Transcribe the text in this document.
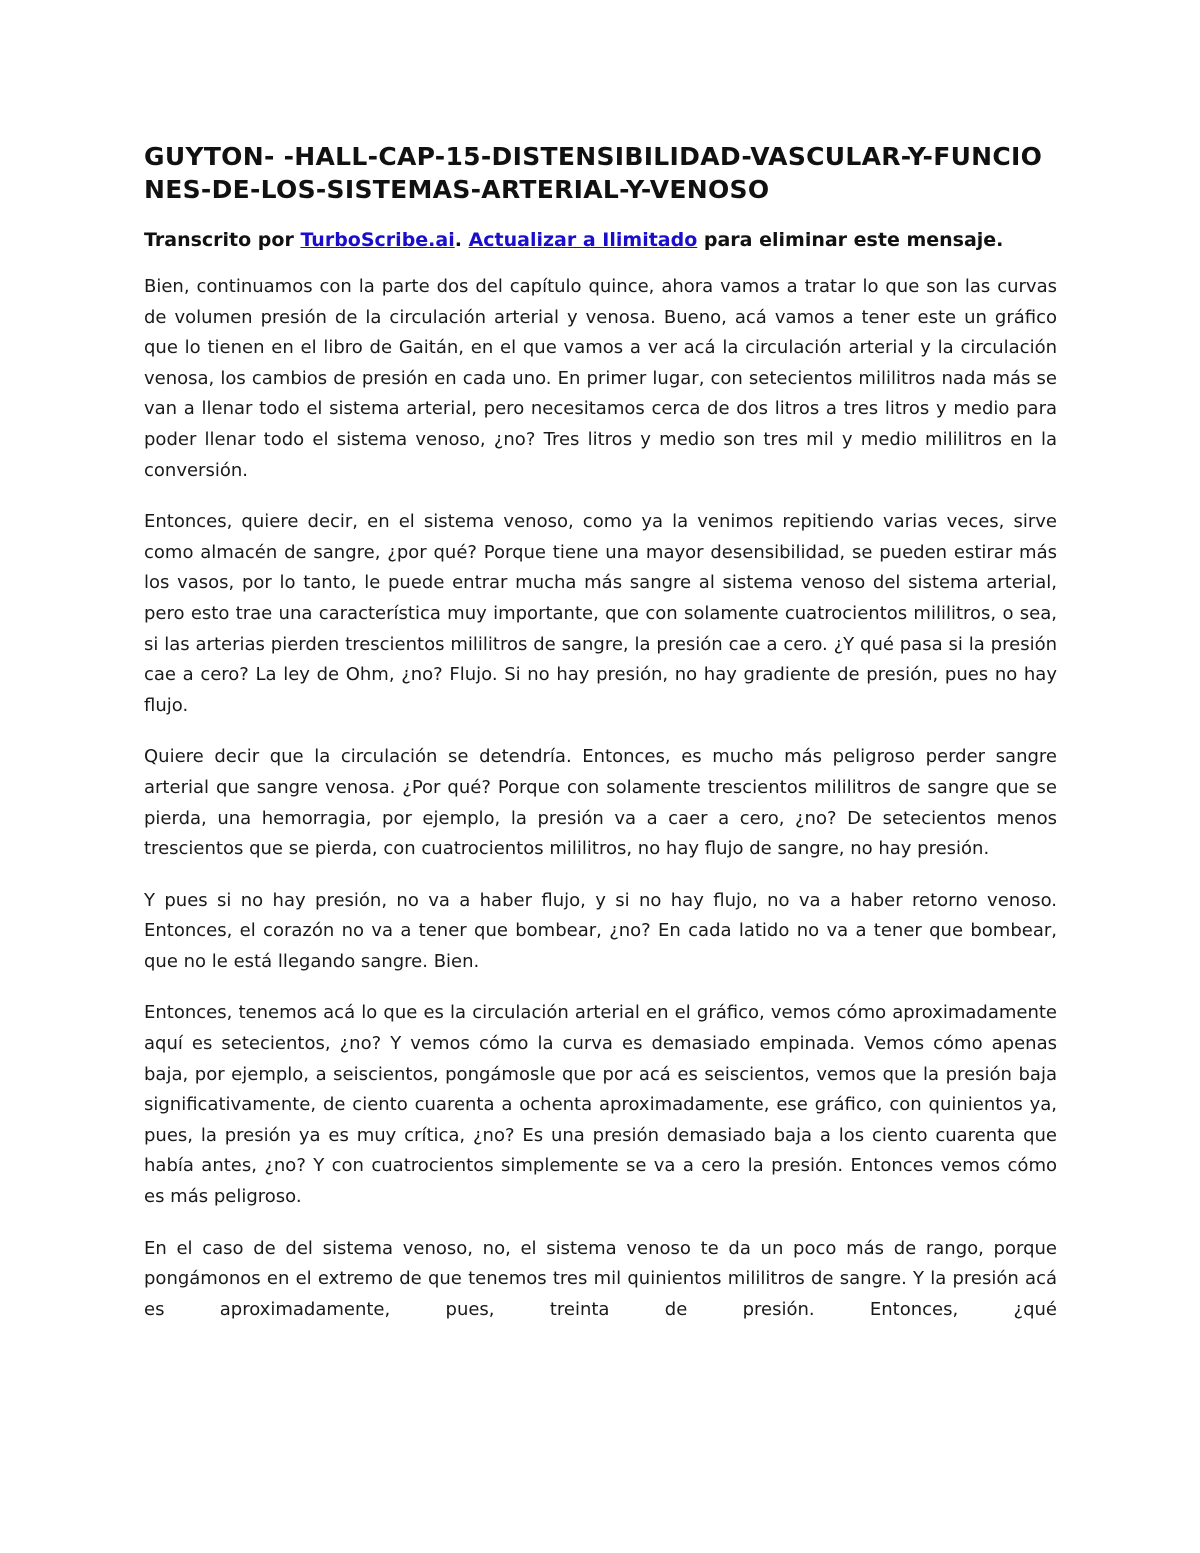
GUYTON- -HALL-CAP-15-DISTENSIBILIDAD-VASCULAR-Y-FUNCIONES-DE-LOS-SISTEMAS-ARTERIAL-Y-VENOSO

Transcrito por TurboScribe.ai. Actualizar a Ilimitado para eliminar este mensaje.

Bien, continuamos con la parte dos del capítulo quince, ahora vamos a tratar lo que son las curvas de volumen presión de la circulación arterial y venosa. Bueno, acá vamos a tener este un gráfico que lo tienen en el libro de Gaitán, en el que vamos a ver acá la circulación arterial y la circulación venosa, los cambios de presión en cada uno. En primer lugar, con setecientos mililitros nada más se van a llenar todo el sistema arterial, pero necesitamos cerca de dos litros a tres litros y medio para poder llenar todo el sistema venoso, ¿no? Tres litros y medio son tres mil y medio mililitros en la conversión.

Entonces, quiere decir, en el sistema venoso, como ya la venimos repitiendo varias veces, sirve como almacén de sangre, ¿por qué? Porque tiene una mayor desensibilidad, se pueden estirar más los vasos, por lo tanto, le puede entrar mucha más sangre al sistema venoso del sistema arterial, pero esto trae una característica muy importante, que con solamente cuatrocientos mililitros, o sea, si las arterias pierden trescientos mililitros de sangre, la presión cae a cero. ¿Y qué pasa si la presión cae a cero? La ley de Ohm, ¿no? Flujo. Si no hay presión, no hay gradiente de presión, pues no hay flujo.

Quiere decir que la circulación se detendría. Entonces, es mucho más peligroso perder sangre arterial que sangre venosa. ¿Por qué? Porque con solamente trescientos mililitros de sangre que se pierda, una hemorragia, por ejemplo, la presión va a caer a cero, ¿no? De setecientos menos trescientos que se pierda, con cuatrocientos mililitros, no hay flujo de sangre, no hay presión.

Y pues si no hay presión, no va a haber flujo, y si no hay flujo, no va a haber retorno venoso. Entonces, el corazón no va a tener que bombear, ¿no? En cada latido no va a tener que bombear, que no le está llegando sangre. Bien.

Entonces, tenemos acá lo que es la circulación arterial en el gráfico, vemos cómo aproximadamente aquí es setecientos, ¿no? Y vemos cómo la curva es demasiado empinada. Vemos cómo apenas baja, por ejemplo, a seiscientos, pongámosle que por acá es seiscientos, vemos que la presión baja significativamente, de ciento cuarenta a ochenta aproximadamente, ese gráfico, con quinientos ya, pues, la presión ya es muy crítica, ¿no? Es una presión demasiado baja a los ciento cuarenta que había antes, ¿no? Y con cuatrocientos simplemente se va a cero la presión. Entonces vemos cómo es más peligroso.

En el caso de del sistema venoso, no, el sistema venoso te da un poco más de rango, porque pongámonos en el extremo de que tenemos tres mil quinientos mililitros de sangre. Y la presión acá es aproximadamente, pues, treinta de presión. Entonces, ¿qué
